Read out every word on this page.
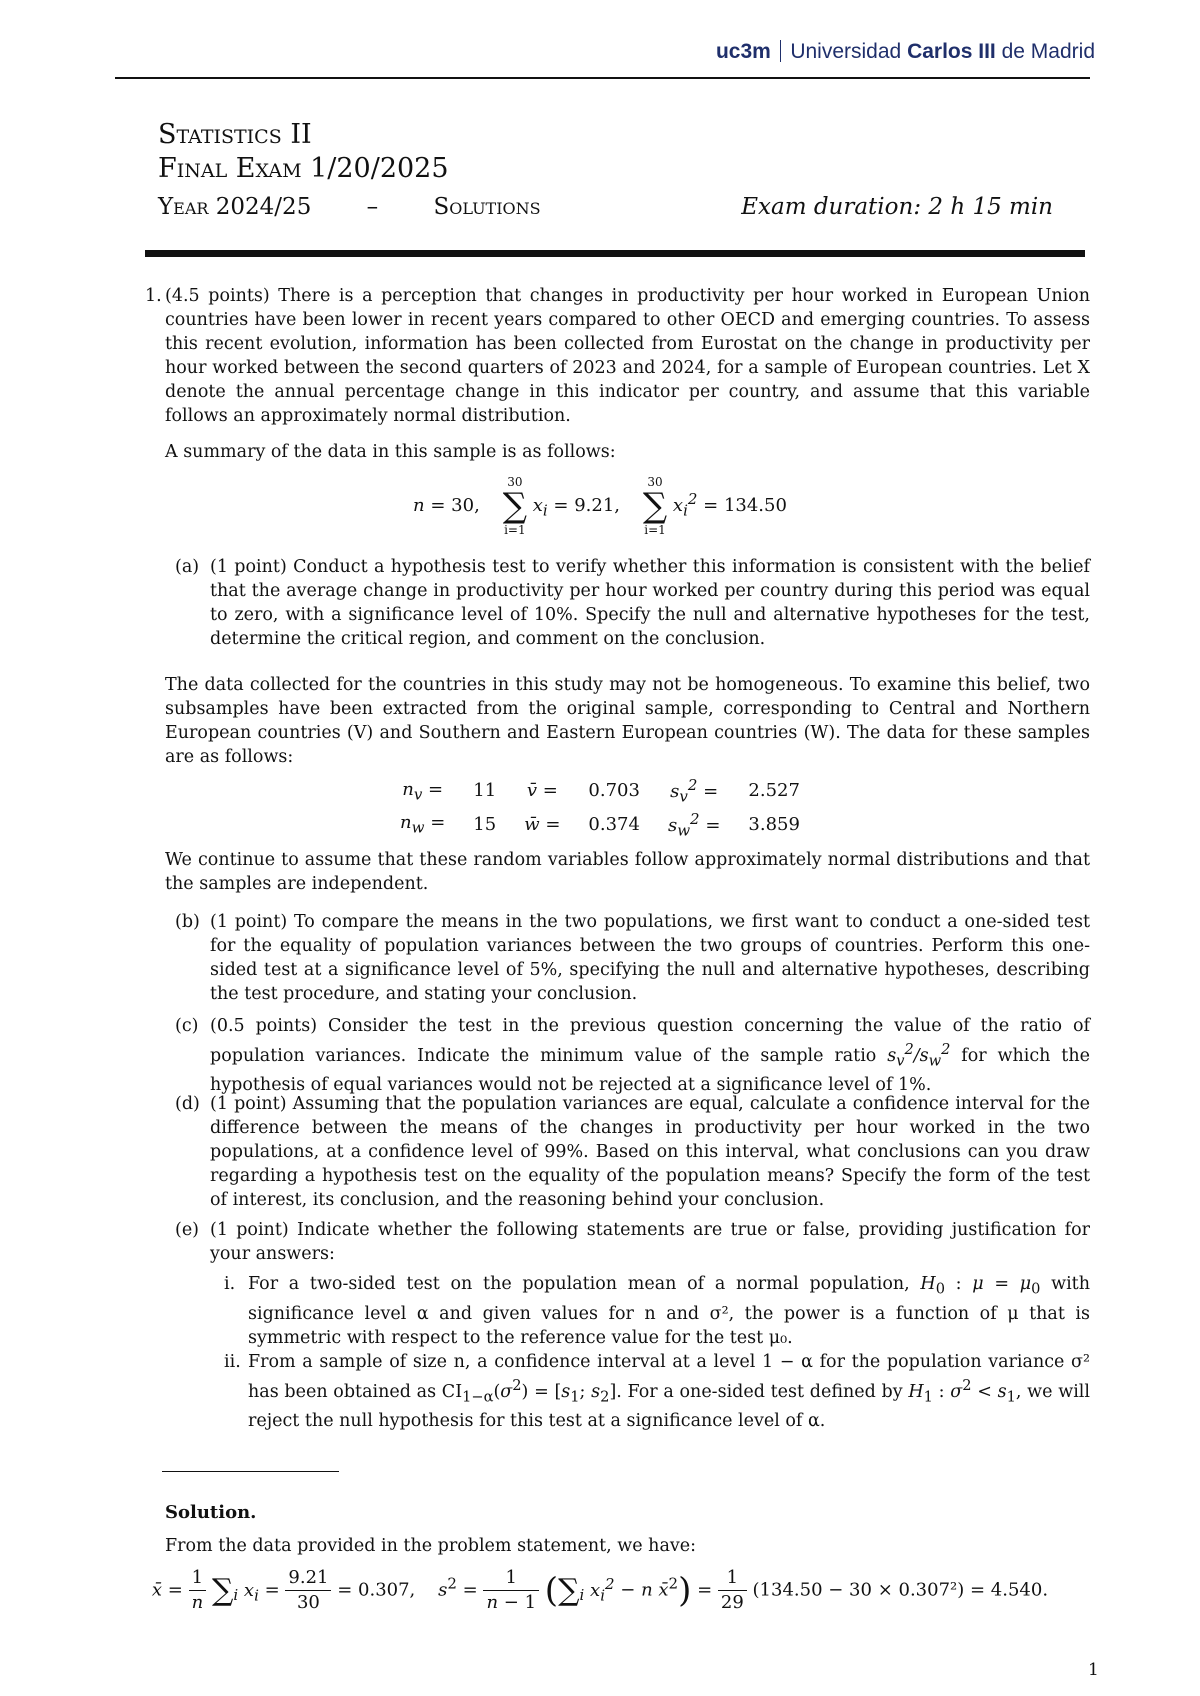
uc3m Universidad Carlos III de Madrid
Statistics II
Final Exam 1/20/2025
Year 2024/25 – Solutions	Exam duration: 2 h 15 min
1. (4.5 points) There is a perception that changes in productivity per hour worked in European Union countries have been lower in recent years compared to other OECD and emerging countries. To assess this recent evolution, information has been collected from Eurostat on the change in productivity per hour worked between the second quarters of 2023 and 2024, for a sample of European countries. Let X denote the annual percentage change in this indicator per country, and assume that this variable follows an approximately normal distribution.
A summary of the data in this sample is as follows:
n = 30,
30
∑
i=1
$x_i = 9.21$,
30
∑
i=1
$x_i^2 = 134.50$
(a) (1 point) Conduct a hypothesis test to verify whether this information is consistent with the belief that the average change in productivity per hour worked per country during this period was equal to zero, with a significance level of 10%. Specify the null and alternative hypotheses for the test, determine the critical region, and comment on the conclusion.
The data collected for the countries in this study may not be homogeneous. To examine this belief, two subsamples have been extracted from the original sample, corresponding to Central and Northern European countries (V) and Southern and Eastern European countries (W). The data for these samples are as follows:
$n_v$ =	11	v̄ =	0.703	$s_v^2$ =	2.527
$n_w$ =	15	w̄ =	0.374	$s_w^2$ =	3.859
We continue to assume that these random variables follow approximately normal distributions and that the samples are independent.
(b) (1 point) To compare the means in the two populations, we first want to conduct a one-sided test for the equality of population variances between the two groups of countries. Perform this one-sided test at a significance level of 5%, specifying the null and alternative hypotheses, describing the test procedure, and stating your conclusion.
(c) (0.5 points) Consider the test in the previous question concerning the value of the ratio of population variances. Indicate the minimum value of the sample ratio $s_v^2/s_w^2$ for which the hypothesis of equal variances would not be rejected at a significance level of 1%.
(d) (1 point) Assuming that the population variances are equal, calculate a confidence interval for the difference between the means of the changes in productivity per hour worked in the two populations, at a confidence level of 99%. Based on this interval, what conclusions can you draw regarding a hypothesis test on the equality of the population means? Specify the form of the test of interest, its conclusion, and the reasoning behind your conclusion.
(e) (1 point) Indicate whether the following statements are true or false, providing justification for your answers:
i. For a two-sided test on the population mean of a normal population, $H_0$ : $\mu = \mu_0$ with significance level α and given values for n and σ², the power is a function of μ that is symmetric with respect to the reference value for the test μ₀.
ii. From a sample of size n, a confidence interval at a level 1 − α for the population variance σ² has been obtained as $CI_{1-\alpha}(\sigma^2) = [s_1$; $s_2$]. For a one-sided test defined by $H_1$ : $\sigma^2 < s_1$, we will reject the null hypothesis for this test at a significance level of α.
Solution.
From the data provided in the problem statement, we have:
x̄ = $\frac{1}{n} \sum_i$ $x_i = \frac{9.21}{30} = 0.307$,    $s^2 = \frac{1}{n - 1} (\sum_i$ $x_i^2 - n$ x̄$^2$) = $\frac{1}{29} (134.50 - 30 \times 0.307^2) = 4.540$.
1
